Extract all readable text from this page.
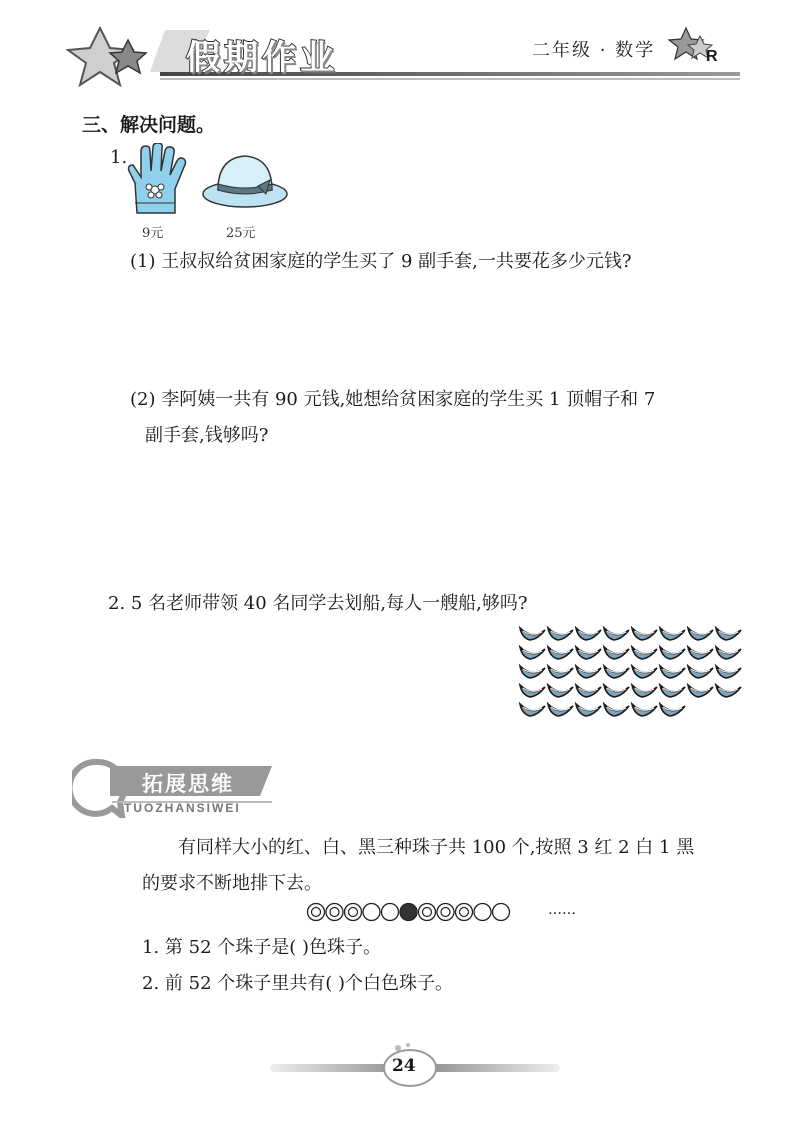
假期作业	二年级 · 数学	R
三、解决问题。
1.
9元	25元
(1) 王叔叔给贫困家庭的学生买了 9 副手套,一共要花多少元钱?
(2) 李阿姨一共有 90 元钱,她想给贫困家庭的学生买 1 顶帽子和 7
副手套,钱够吗?
2. 5 名老师带领 40 名同学去划船,每人一艘船,够吗?
拓展思维
TUOZHANSIWEI
有同样大小的红、白、黑三种珠子共 100 个,按照 3 红 2 白 1 黑
的要求不断地排下去。
……
1. 第 52 个珠子是( )色珠子。
2. 前 52 个珠子里共有( )个白色珠子。
24
